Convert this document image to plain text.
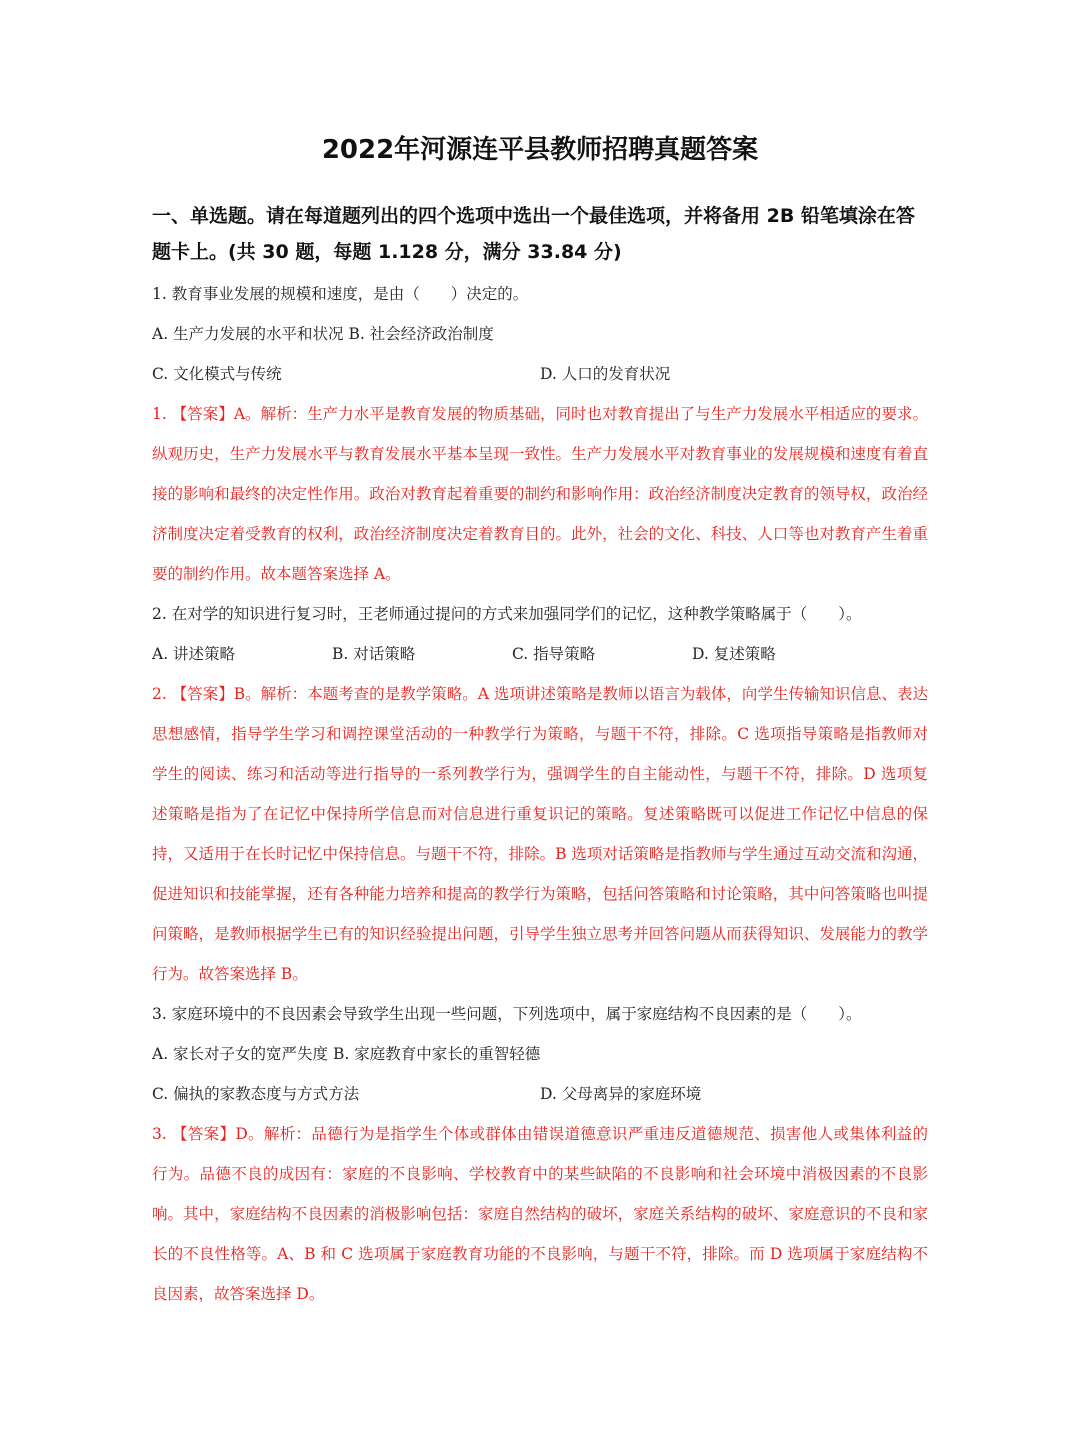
2022年河源连平县教师招聘真题答案

一、单选题。请在每道题列出的四个选项中选出一个最佳选项，并将备用 2B 铅笔填涂在答题卡上。(共 30 题，每题 1.128 分，满分 33.84 分)

1. 教育事业发展的规模和速度，是由（　　）决定的。

A. 生产力发展的水平和状况 B. 社会经济政治制度

C. 文化模式与传统	D. 人口的发育状况

1. 【答案】A。解析：生产力水平是教育发展的物质基础，同时也对教育提出了与生产力发展水平相适应的要求。纵观历史，生产力发展水平与教育发展水平基本呈现一致性。生产力发展水平对教育事业的发展规模和速度有着直接的影响和最终的决定性作用。政治对教育起着重要的制约和影响作用：政治经济制度决定教育的领导权，政治经济制度决定着受教育的权利，政治经济制度决定着教育目的。此外，社会的文化、科技、人口等也对教育产生着重要的制约作用。故本题答案选择 A。

2. 在对学的知识进行复习时，王老师通过提问的方式来加强同学们的记忆，这种教学策略属于（　　）。

A. 讲述策略	B. 对话策略	C. 指导策略	D. 复述策略

2. 【答案】B。解析：本题考查的是教学策略。A 选项讲述策略是教师以语言为载体，向学生传输知识信息、表达思想感情，指导学生学习和调控课堂活动的一种教学行为策略，与题干不符，排除。C 选项指导策略是指教师对学生的阅读、练习和活动等进行指导的一系列教学行为，强调学生的自主能动性，与题干不符，排除。D 选项复述策略是指为了在记忆中保持所学信息而对信息进行重复识记的策略。复述策略既可以促进工作记忆中信息的保持，又适用于在长时记忆中保持信息。与题干不符，排除。B 选项对话策略是指教师与学生通过互动交流和沟通，促进知识和技能掌握，还有各种能力培养和提高的教学行为策略，包括问答策略和讨论策略，其中问答策略也叫提问策略，是教师根据学生已有的知识经验提出问题，引导学生独立思考并回答问题从而获得知识、发展能力的教学行为。故答案选择 B。

3. 家庭环境中的不良因素会导致学生出现一些问题，下列选项中，属于家庭结构不良因素的是（　　）。

A. 家长对子女的宽严失度 B. 家庭教育中家长的重智轻德

C. 偏执的家教态度与方式方法	D. 父母离异的家庭环境

3. 【答案】D。解析：品德行为是指学生个体或群体由错误道德意识严重违反道德规范、损害他人或集体利益的行为。品德不良的成因有：家庭的不良影响、学校教育中的某些缺陷的不良影响和社会环境中消极因素的不良影响。其中，家庭结构不良因素的消极影响包括：家庭自然结构的破坏，家庭关系结构的破坏、家庭意识的不良和家长的不良性格等。A、B 和 C 选项属于家庭教育功能的不良影响，与题干不符，排除。而 D 选项属于家庭结构不良因素，故答案选择 D。
